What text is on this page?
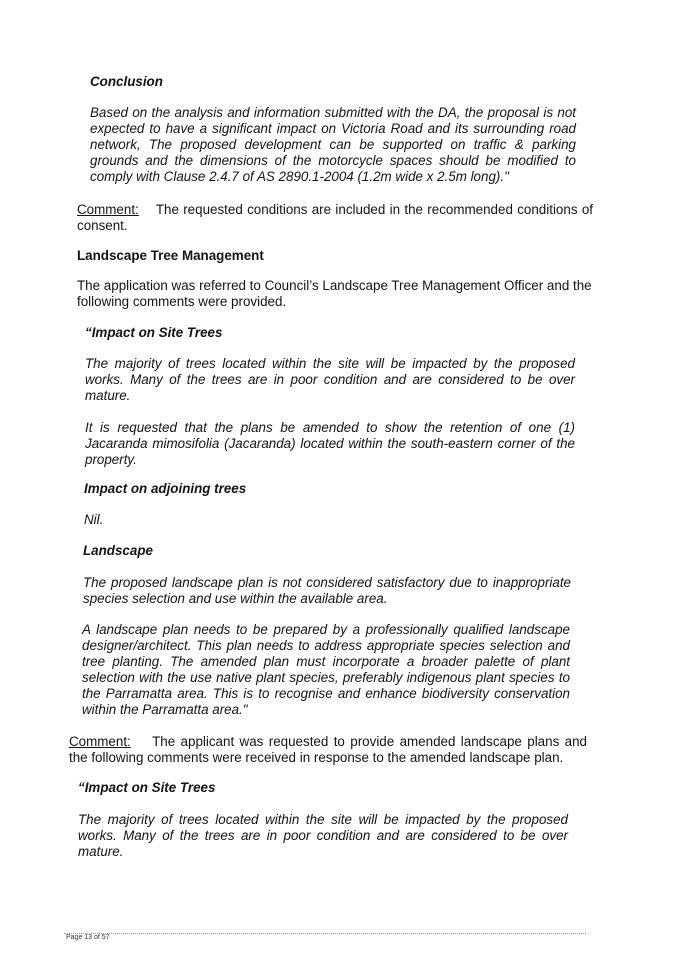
Conclusion
Based on the analysis and information submitted with the DA, the proposal is not expected to have a significant impact on Victoria Road and its surrounding road network, The proposed development can be supported on traffic & parking grounds and the dimensions of the motorcycle spaces should be modified to comply with Clause 2.4.7 of AS 2890.1-2004 (1.2m wide x 2.5m long)."
Comment: The requested conditions are included in the recommended conditions of consent.
Landscape Tree Management
The application was referred to Council’s Landscape Tree Management Officer and the following comments were provided.
“Impact on Site Trees
The majority of trees located within the site will be impacted by the proposed works. Many of the trees are in poor condition and are considered to be over mature.
It is requested that the plans be amended to show the retention of one (1) Jacaranda mimosifolia (Jacaranda) located within the south-eastern corner of the property.
Impact on adjoining trees
Nil.
Landscape
The proposed landscape plan is not considered satisfactory due to inappropriate species selection and use within the available area.
A landscape plan needs to be prepared by a professionally qualified landscape designer/architect. This plan needs to address appropriate species selection and tree planting. The amended plan must incorporate a broader palette of plant selection with the use native plant species, preferably indigenous plant species to the Parramatta area. This is to recognise and enhance biodiversity conservation within the Parramatta area."
Comment: The applicant was requested to provide amended landscape plans and the following comments were received in response to the amended landscape plan.
“Impact on Site Trees
The majority of trees located within the site will be impacted by the proposed works. Many of the trees are in poor condition and are considered to be over mature.
Page 13 of 57
